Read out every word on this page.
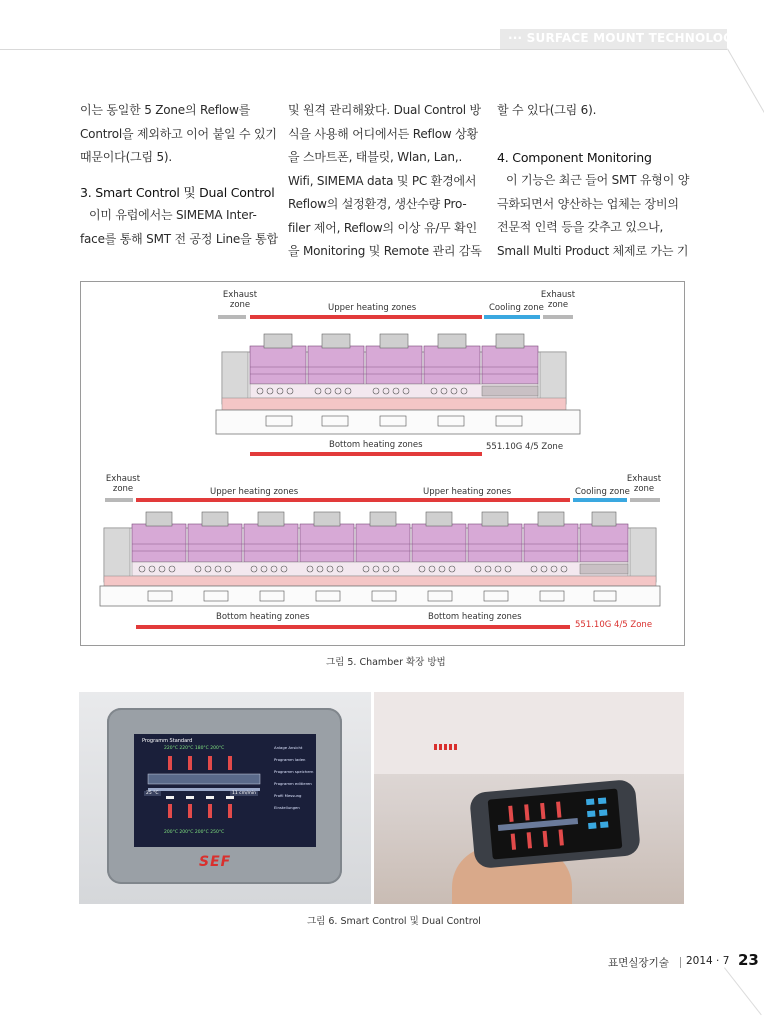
··· SURFACE MOUNT TECHNOLOGY

이는 동일한 5 Zone의 Reflow를

Control을 제외하고 이어 붙일 수 있기

때문이다(그림 5).

3. Smart Control 및 Dual Control

이미 유럽에서는 SIMEMA Inter-

face를 통해 SMT 전 공정 Line을 통합

및 원격 관리해왔다. Dual Control 방

식을 사용해 어디에서든 Reflow 상황

을 스마트폰, 태블릿, Wlan, Lan,.

Wifi, SIMEMA data 및 PC 환경에서

Reflow의 설정환경, 생산수량 Pro-

filer 제어, Reflow의 이상 유/무 확인

을 Monitoring 및 Remote 관리 감독

할 수 있다(그림 6).

4. Component Monitoring

이 기능은 최근 들어 SMT 유형이 양

극화되면서 양산하는 업체는 장비의

전문적 인력 등을 갖추고 있으나,

Small Multi Product 체제로 가는 기

Exhaust
zone
Exhaust
zone
Upper heating zones	Cooling zone
Bottom heating zones	551.10G 4/5 Zone
Exhaust
zone
Exhaust
zone
Upper heating zones	Upper heating zones	Cooling zone
Bottom heating zones	Bottom heating zones
551.10G 4/5 Zone
그림 5. Chamber 확장 방법
Programm Standard
220°C 220°C 180°C 200°C
25 °C	11 cm/min
200°C 200°C 200°C 250°C
Anlage Ansicht
Programm laden
Programm speichern
Programm editieren
Profil Messung
Einstellungen
SEF
그림 6. Smart Control 및 Dual Control
표면실장기술 2014 · 7 23
